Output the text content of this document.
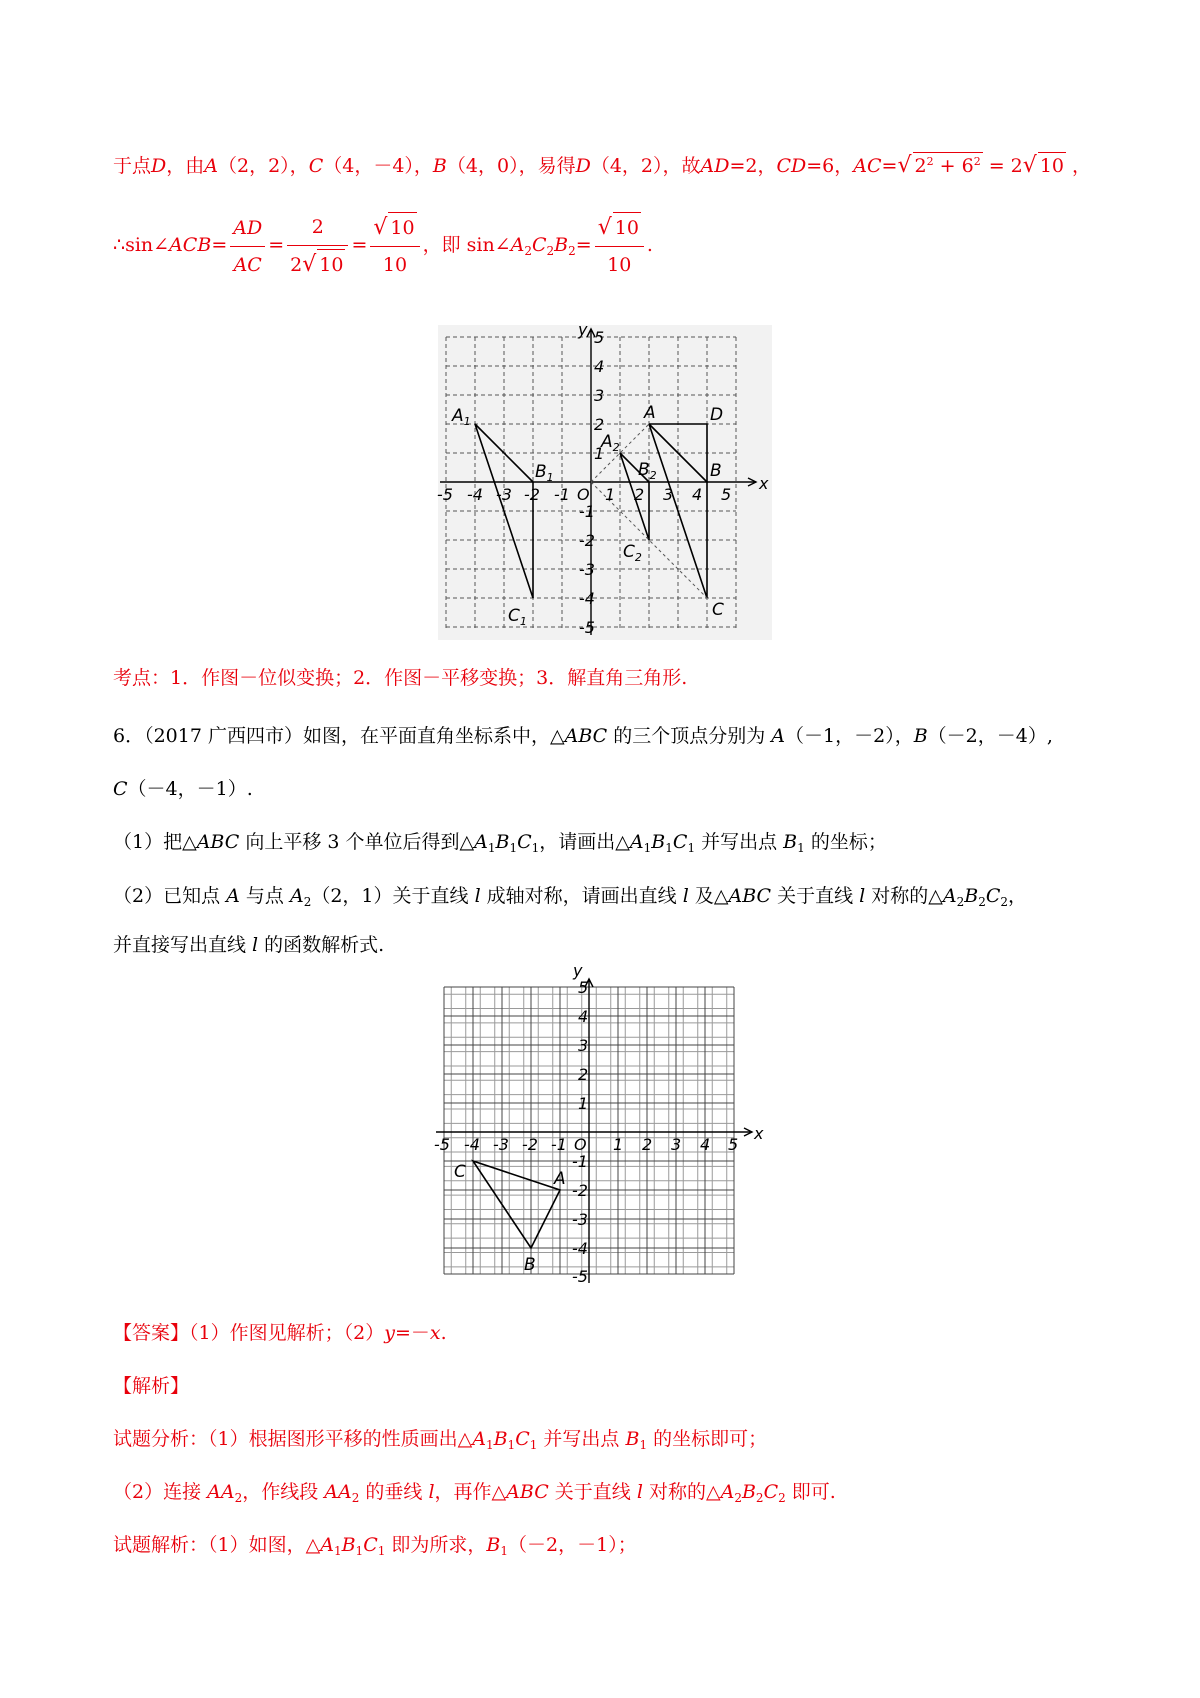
于点D，由A（2，2），C（4，－4），B（4，0），易得D（4，2），故AD=2，CD=6，AC=√ $2^2 + 6^2 = 2√$ 10 ，
∴sin∠ACB= $\frac{AD}{AC} = \frac{2}{2√ 10} = \frac{√ 10}{10}$ ，即 $\sin\angle A_2C_2B_2= \frac{√ 10}{10}$ .
-5 -4 -3 -2 -1 O 1 2 3 4 5
5
4
3
2
1
-1
-2
-3
-4
-5
x
y
$A_1$
$B_1$
$C_1$
A	D
B
C
$A_2$
$B_2$
$C_2$
考点：1．作图－位似变换；2．作图－平移变换；3．解直角三角形.
6．（2017 广西四市）如图，在平面直角坐标系中，△ABC 的三个顶点分别为 A（－1，－2），B（－2，－4）,
C（－4，－1）.
（1）把△ABC 向上平移 3 个单位后得到$\triangle A_1B_1C_1$，请画出$\triangle A_1B_1C_1$ 并写出点 $B_1$ 的坐标；
（2）已知点 A 与点 $A_2(2$，1）关于直线 l 成轴对称，请画出直线 l 及△ABC 关于直线 l 对称的$\triangle A_2B_2C_2$，
并直接写出直线 l 的函数解析式.
-5 -4 -3 -2 -1 O 1 2 3 4 5
5
4
3
2
1
-1
-2
-3
-4
-5
x
y
A
B
C
【答案】（1）作图见解析；（2）y=－x.
【解析】
试题分析：（1）根据图形平移的性质画出$\triangle A_1B_1C_1$ 并写出点 $B_1$ 的坐标即可；
（2）连接 $AA_2$，作线段 $AA_2$ 的垂线 l，再作△ABC 关于直线 l 对称的$\triangle A_2B_2C_2$ 即可.
试题解析：（1）如图，$\triangle A_1B_1C_1$ 即为所求，$B_1(-2$，－1）；
